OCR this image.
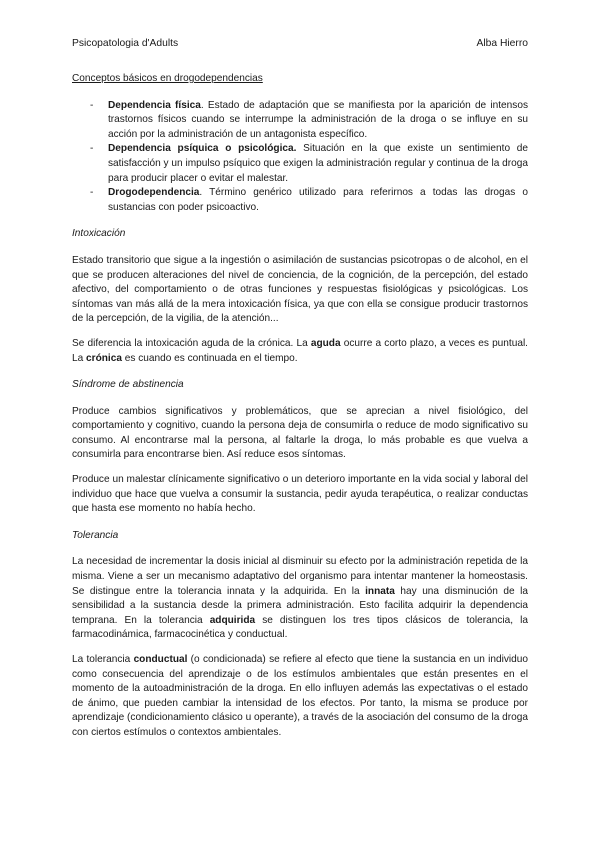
Psicopatologia d'Adults	Alba Hierro
Conceptos básicos en drogodependencias
- Dependencia física. Estado de adaptación que se manifiesta por la aparición de intensos trastornos físicos cuando se interrumpe la administración de la droga o se influye en su acción por la administración de un antagonista específico.
- Dependencia psíquica o psicológica. Situación en la que existe un sentimiento de satisfacción y un impulso psíquico que exigen la administración regular y continua de la droga para producir placer o evitar el malestar.
- Drogodependencia. Término genérico utilizado para referirnos a todas las drogas o sustancias con poder psicoactivo.
Intoxicación

Estado transitorio que sigue a la ingestión o asimilación de sustancias psicotropas o de alcohol, en el que se producen alteraciones del nivel de conciencia, de la cognición, de la percepción, del estado afectivo, del comportamiento o de otras funciones y respuestas fisiológicas y psicológicas. Los síntomas van más allá de la mera intoxicación física, ya que con ella se consigue producir trastornos de la percepción, de la vigilia, de la atención...

Se diferencia la intoxicación aguda de la crónica. La aguda ocurre a corto plazo, a veces es puntual. La crónica es cuando es continuada en el tiempo.

Síndrome de abstinencia

Produce cambios significativos y problemáticos, que se aprecian a nivel fisiológico, del comportamiento y cognitivo, cuando la persona deja de consumirla o reduce de modo significativo su consumo. Al encontrarse mal la persona, al faltarle la droga, lo más probable es que vuelva a consumirla para encontrarse bien. Así reduce esos síntomas.

Produce un malestar clínicamente significativo o un deterioro importante en la vida social y laboral del individuo que hace que vuelva a consumir la sustancia, pedir ayuda terapéutica, o realizar conductas que hasta ese momento no había hecho.

Tolerancia

La necesidad de incrementar la dosis inicial al disminuir su efecto por la administración repetida de la misma. Viene a ser un mecanismo adaptativo del organismo para intentar mantener la homeostasis. Se distingue entre la tolerancia innata y la adquirida. En la innata hay una disminución de la sensibilidad a la sustancia desde la primera administración. Esto facilita adquirir la dependencia temprana. En la tolerancia adquirida se distinguen los tres tipos clásicos de tolerancia, la farmacodinámica, farmacocinética y conductual.

La tolerancia conductual (o condicionada) se refiere al efecto que tiene la sustancia en un individuo como consecuencia del aprendizaje o de los estímulos ambientales que están presentes en el momento de la autoadministración de la droga. En ello influyen además las expectativas o el estado de ánimo, que pueden cambiar la intensidad de los efectos. Por tanto, la misma se produce por aprendizaje (condicionamiento clásico u operante), a través de la asociación del consumo de la droga con ciertos estímulos o contextos ambientales.
